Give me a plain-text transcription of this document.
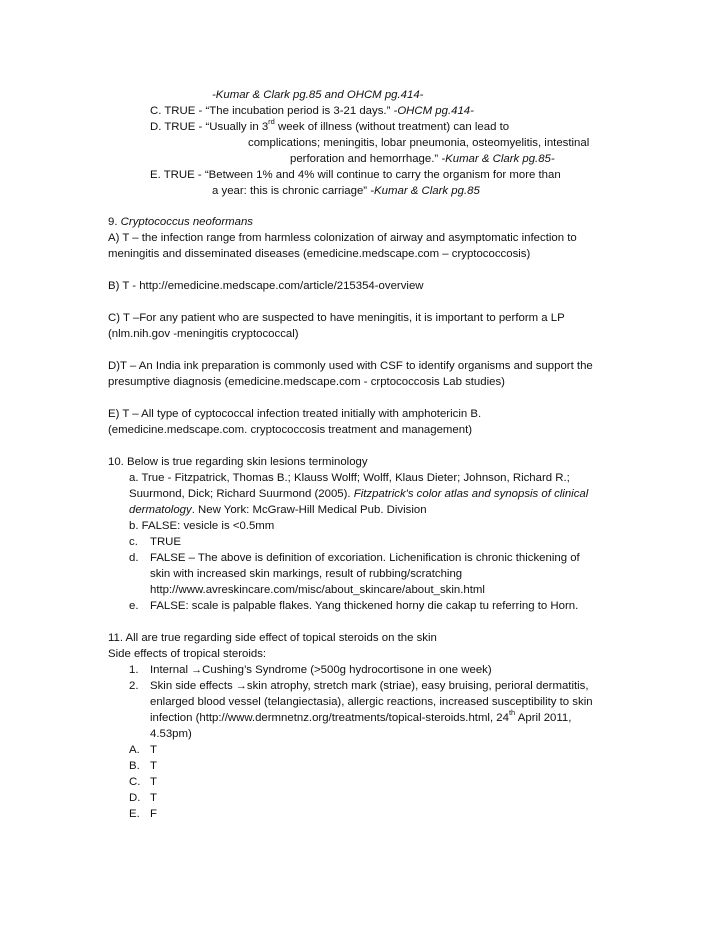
-Kumar & Clark pg.85 and OHCM pg.414-
C. TRUE - “The incubation period is 3-21 days.” -OHCM pg.414-
D. TRUE - “Usually in 3rd week of illness (without treatment) can lead to
complications; meningitis, lobar pneumonia, osteomyelitis, intestinal
perforation and hemorrhage.” -Kumar & Clark pg.85-
E. TRUE - “Between 1% and 4% will continue to carry the organism for more than
a year: this is chronic carriage” -Kumar & Clark pg.85
9. Cryptococcus neoformans
A) T – the infection range from harmless colonization of airway and asymptomatic infection to
meningitis and disseminated diseases (emedicine.medscape.com – cryptococcosis)
B) T - http://emedicine.medscape.com/article/215354-overview
C) T –For any patient who are suspected to have meningitis, it is important to perform a LP
(nlm.nih.gov -meningitis cryptococcal)
D)T – An India ink preparation is commonly used with CSF to identify organisms and support the
presumptive diagnosis (emedicine.medscape.com - crptococcosis Lab studies)
E) T – All type of cyptococcal infection treated initially with amphotericin B.
(emedicine.medscape.com. cryptococcosis treatment and management)
10. Below is true regarding skin lesions terminology
a. True - Fitzpatrick, Thomas B.; Klauss Wolff; Wolff, Klaus Dieter; Johnson, Richard R.;
Suurmond, Dick; Richard Suurmond (2005). Fitzpatrick's color atlas and synopsis of clinical
dermatology. New York: McGraw-Hill Medical Pub. Division
b. FALSE: vesicle is <0.5mm
c. TRUE
d. FALSE – The above is definition of excoriation. Lichenification is chronic thickening of
skin with increased skin markings, result of rubbing/scratching
http://www.avreskincare.com/misc/about_skincare/about_skin.html
e. FALSE: scale is palpable flakes. Yang thickened horny die cakap tu referring to Horn.
11. All are true regarding side effect of topical steroids on the skin
Side effects of tropical steroids:
1. Internal →Cushing’s Syndrome (>500g hydrocortisone in one week)
2. Skin side effects →skin atrophy, stretch mark (striae), easy bruising, perioral dermatitis,
enlarged blood vessel (telangiectasia), allergic reactions, increased susceptibility to skin
infection (http://www.dermnetnz.org/treatments/topical-steroids.html, 24th April 2011,
4.53pm)
A. T
B. T
C. T
D. T
E. F
